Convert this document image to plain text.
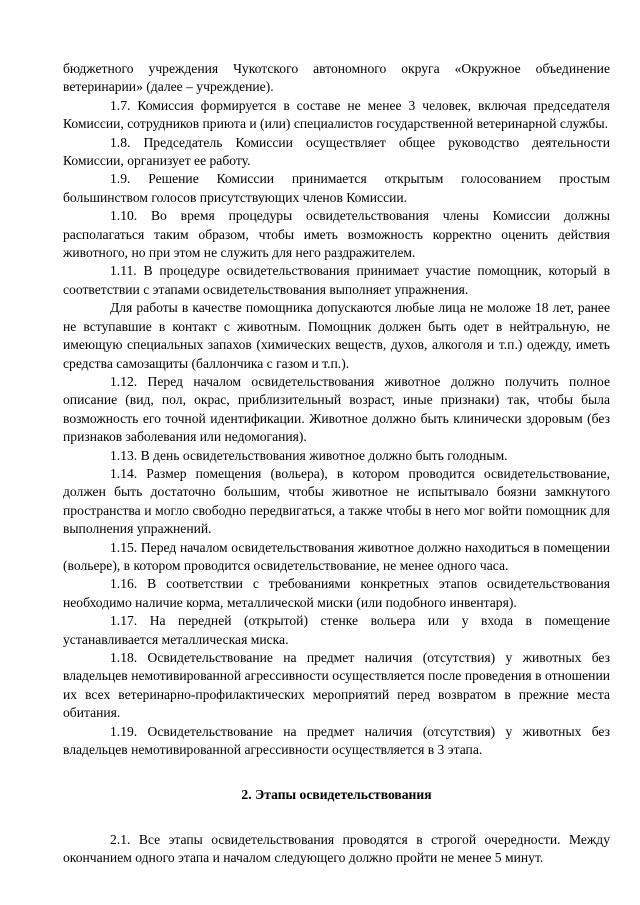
бюджетного учреждения Чукотского автономного округа «Окружное объединение ветеринарии» (далее – учреждение).

1.7. Комиссия формируется в составе не менее 3 человек, включая председателя Комиссии, сотрудников приюта и (или) специалистов государственной ветеринарной службы.

1.8. Председатель Комиссии осуществляет общее руководство деятельности Комиссии, организует ее работу.

1.9. Решение Комиссии принимается открытым голосованием простым большинством голосов присутствующих членов Комиссии.

1.10. Во время процедуры освидетельствования члены Комиссии должны располагаться таким образом, чтобы иметь возможность корректно оценить действия животного, но при этом не служить для него раздражителем.

1.11. В процедуре освидетельствования принимает участие помощник, который в соответствии с этапами освидетельствования выполняет упражнения.

Для работы в качестве помощника допускаются любые лица не моложе 18 лет, ранее не вступавшие в контакт с животным. Помощник должен быть одет в нейтральную, не имеющую специальных запахов (химических веществ, духов, алкоголя и т.п.) одежду, иметь средства самозащиты (баллончика с газом и т.п.).

1.12. Перед началом освидетельствования животное должно получить полное описание (вид, пол, окрас, приблизительный возраст, иные признаки) так, чтобы была возможность его точной идентификации. Животное должно быть клинически здоровым (без признаков заболевания или недомогания).

1.13. В день освидетельствования животное должно быть голодным.

1.14. Размер помещения (вольера), в котором проводится освидетельствование, должен быть достаточно большим, чтобы животное не испытывало боязни замкнутого пространства и могло свободно передвигаться, а также чтобы в него мог войти помощник для выполнения упражнений.

1.15. Перед началом освидетельствования животное должно находиться в помещении (вольере), в котором проводится освидетельствование, не менее одного часа.

1.16. В соответствии с требованиями конкретных этапов освидетельствования необходимо наличие корма, металлической миски (или подобного инвентаря).

1.17. На передней (открытой) стенке вольера или у входа в помещение устанавливается металлическая миска.

1.18. Освидетельствование на предмет наличия (отсутствия) у животных без владельцев немотивированной агрессивности осуществляется после проведения в отношении их всех ветеринарно-профилактических мероприятий перед возвратом в прежние места обитания.

1.19. Освидетельствование на предмет наличия (отсутствия) у животных без владельцев немотивированной агрессивности осуществляется в 3 этапа.

2. Этапы освидетельствования

2.1. Все этапы освидетельствования проводятся в строгой очередности. Между окончанием одного этапа и началом следующего должно пройти не менее 5 минут.
